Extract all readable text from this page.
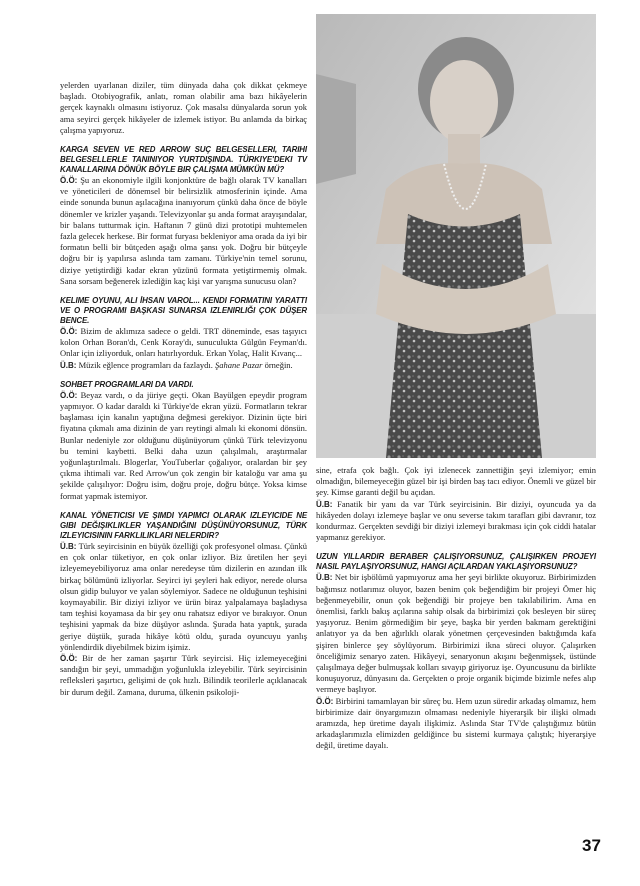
yelerden uyarlanan diziler, tüm dünyada daha çok dikkat çekmeye başladı. Otobiyografik, anlatı, roman olabilir ama bazı hikâyelerin gerçek kaynaklı olmasını istiyoruz. Çok masalsı dünyalarda sorun yok ama seyirci gerçek hikâyeler de izlemek istiyor. Bu anlamda da birkaç çalışma yapıyoruz.

KARGA SEVEN VE RED ARROW SUÇ BELGESELLERI, TARIHI BELGESELLERLE TANINIYOR YURTDIŞINDA. TÜRKIYE'DEKI TV KANALLARINA DÖNÜK BÖYLE BIR ÇALIŞMA MÜMKÜN MÜ?

Ö.Ö: Şu an ekonomiyle ilgili konjonktüre de bağlı olarak TV kanalları ve yöneticileri de dönemsel bir belirsizlik atmosferinin içinde. Ama einde sonunda bunun aşılacağına inanıyorum çünkü daha önce de böyle dönemler ve krizler yaşandı. Televizyonlar şu anda format arayışındalar, bir balans tutturmak için. Haftanın 7 günü dizi prototipi muhtemelen fazla gelecek herkese. Bir format furyası bekleniyor ama orada da iyi bir formatın belli bir bütçeden aşağı olma şansı yok. Doğru bir bütçeyle doğru bir iş yapılırsa aslında tam zamanı. Türkiye'nin temel sorunu, diziye yetiştirdiği kadar ekran yüzünü formata yetiştirmemiş olmak. Sana sorsam beğenerek izlediğin kaç kişi var yarışma sunucusu olan?

KELIME OYUNU, ALI İHSAN VAROL... KENDI FORMATINI YARATTI VE O PROGRAMI BAŞKASI SUNARSA IZLENIRLIĞI ÇOK DÜŞER BENCE.

Ö.Ö: Bizim de aklımıza sadece o geldi. TRT döneminde, esas taşıyıcı kolon Orhan Boran'dı, Cenk Koray'dı, sunuculukta Gülgün Feyman'dı. Onlar için izliyorduk, onları hatırlıyorduk. Erkan Yolaç, Halit Kıvanç...

Ü.B: Müzik eğlence programları da fazlaydı. Şahane Pazar örneğin.

SOHBET PROGRAMLARI DA VARDI.

Ö.Ö: Beyaz vardı, o da jüriye geçti. Okan Bayülgen epeydir program yapmıyor. O kadar daraldı ki Türkiye'de ekran yüzü. Formatların tekrar başlaması için kanalın yaptığına değmesi gerekiyor. Dizinin üçte biri fiyatına çıkmalı ama dizinin de yarı reytingi almalı ki ekonomi dönsün. Bunlar nedeniyle zor olduğunu düşünüyorum çünkü Türk televizyonu bu temini kaybetti. Belki daha uzun çalışılmalı, araştırmalar yoğunlaştırılmalı. Blogerlar, YouTuberlar çoğalıyor, oralardan bir şey çıkma ihtimali var. Red Arrow'un çok zengin bir kataloğu var ama şu şekilde çalışılıyor: Doğru isim, doğru proje, doğru bütçe. Yoksa kimse format yapmak istemiyor.

KANAL YÖNETICISI VE ŞIMDI YAPIMCI OLARAK IZLEYICIDE NE GIBI DEĞIŞIKLIKLER YAŞANDIĞINI DÜŞÜNÜYORSUNUZ, TÜRK IZLEYICISININ FARKLILIKLARI NELERDIR?

Ü.B: Türk seyircisinin en büyük özelliği çok profesyonel olması. Çünkü en çok onlar tüketiyor, en çok onlar izliyor. Biz üretilen her şeyi izleyemeyebiliyoruz ama onlar neredeyse tüm dizilerin en azından ilk birkaç bölümünü izliyorlar. Seyirci iyi şeyleri hak ediyor, nerede olursa olsun gidip buluyor ve yalan söylemiyor. Sadece ne olduğunun teşhisini koymayabilir. Bir diziyi izliyor ve ürün biraz yalpalamaya başladıysa tam teşhisi koyamasa da bir şey onu rahatsız ediyor ve bırakıyor. Onun teşhisini yapmak da bize düşüyor aslında. Şurada hata yaptık, şurada geriye düştük, şurada hikâye kötü oldu, şurada oyuncuyu yanlış yönlendirdik diyebilmek bizim işimiz.

Ö.Ö: Bir de her zaman şaşırtır Türk seyircisi. Hiç izlemeyeceğini sandığın bir şeyi, ummadığın yoğunlukla izleyebilir. Türk seyircisinin refleksleri şaşırtıcı, gelişimi de çok hızlı. Bilindik teorilerle açıklanacak bir durum değil. Zamana, duruma, ülkenin psikoloji-

sine, etrafa çok bağlı. Çok iyi izlenecek zannettiğin şeyi izlemiyor; emin olmadığın, bilemeyeceğin güzel bir işi birden baş tacı ediyor. Önemli ve güzel bir şey. Kimse garanti değil bu açıdan.

Ü.B: Fanatik bir yanı da var Türk seyircisinin. Bir diziyi, oyuncuda ya da hikâyeden dolayı izlemeye başlar ve onu severse takım tarafları gibi davranır, toz kondurmaz. Gerçekten sevdiği bir diziyi izlemeyi bırakması için çok ciddi hatalar yapmanız gerekiyor.

UZUN YILLARDIR BERABER ÇALIŞIYORSUNUZ, ÇALIŞIRKEN PROJEYI NASIL PAYLAŞIYORSUNUZ, HANGI AÇILARDAN YAKLAŞIYORSUNUZ?

Ü.B: Net bir işbölümü yapmıyoruz ama her şeyi birlikte okuyoruz. Birbirimizden bağımsız notlarımız oluyor, bazen benim çok beğendiğim bir projeyi Ömer hiç beğenmeyebilir, onun çok beğendiği bir projeye ben takılabilirim. Ama en önemlisi, farklı bakış açılarına sahip olsak da birbirimizi çok besleyen bir süreç yaşıyoruz. Benim görmediğim bir şeye, başka bir yerden bakmam gerektiğini anlatıyor ya da ben ağırlıklı olarak yönetmen çerçevesinden baktığımda kafa şişiren binlerce şey söylüyorum. Birbirimizi ikna süreci oluyor. Çalışırken önceliğimiz senaryo zaten. Hikâyeyi, senaryonun akışını beğenmişsek, üstünde çalışılmaya değer bulmuşsak kolları sıvayıp giriyoruz işe. Oyuncusunu da birlikte konuşuyoruz, dünyasını da. Gerçekten o proje organik biçimde bizimle nefes alıp vermeye başlıyor.

Ö.Ö: Birbirini tamamlayan bir süreç bu. Hem uzun süredir arkadaş olmamız, hem birbirimize dair önyargımızın olmaması nedeniyle hiyerarşik bir ilişki olmadı aramızda, hep üretime dayalı ilişkimiz. Aslında Star TV'de çalıştığımız bütün arkadaşlarımızla elimizden geldiğince bu sistemi kurmaya çalıştık; hiyerarşiye değil, üretime dayalı.

37
